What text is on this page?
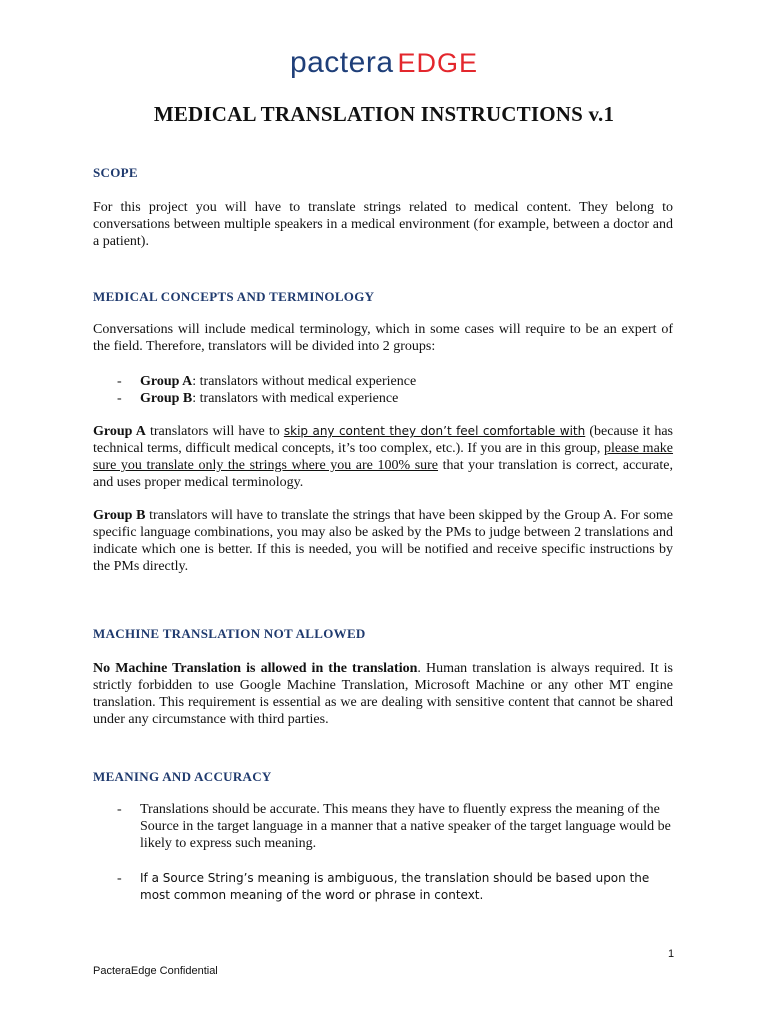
pactera EDGE
MEDICAL TRANSLATION INSTRUCTIONS v.1
SCOPE

For this project you will have to translate strings related to medical content. They belong to conversations between multiple speakers in a medical environment (for example, between a doctor and a patient).

MEDICAL CONCEPTS AND TERMINOLOGY

Conversations will include medical terminology, which in some cases will require to be an expert of the field. Therefore, translators will be divided into 2 groups:

- Group A: translators without medical experience
- Group B: translators with medical experience

Group A translators will have to skip any content they don’t feel comfortable with (because it has technical terms, difficult medical concepts, it’s too complex, etc.). If you are in this group, please make sure you translate only the strings where you are 100% sure that your translation is correct, accurate, and uses proper medical terminology.

Group B translators will have to translate the strings that have been skipped by the Group A. For some specific language combinations, you may also be asked by the PMs to judge between 2 translations and indicate which one is better. If this is needed, you will be notified and receive specific instructions by the PMs directly.

MACHINE TRANSLATION NOT ALLOWED

No Machine Translation is allowed in the translation. Human translation is always required. It is strictly forbidden to use Google Machine Translation, Microsoft Machine or any other MT engine translation. This requirement is essential as we are dealing with sensitive content that cannot be shared under any circumstance with third parties.

MEANING AND ACCURACY
- Translations should be accurate. This means they have to fluently express the meaning of the Source in the target language in a manner that a native speaker of the target language would be likely to express such meaning.
- If a Source String’s meaning is ambiguous, the translation should be based upon the most common meaning of the word or phrase in context.
1
PacteraEdge Confidential
